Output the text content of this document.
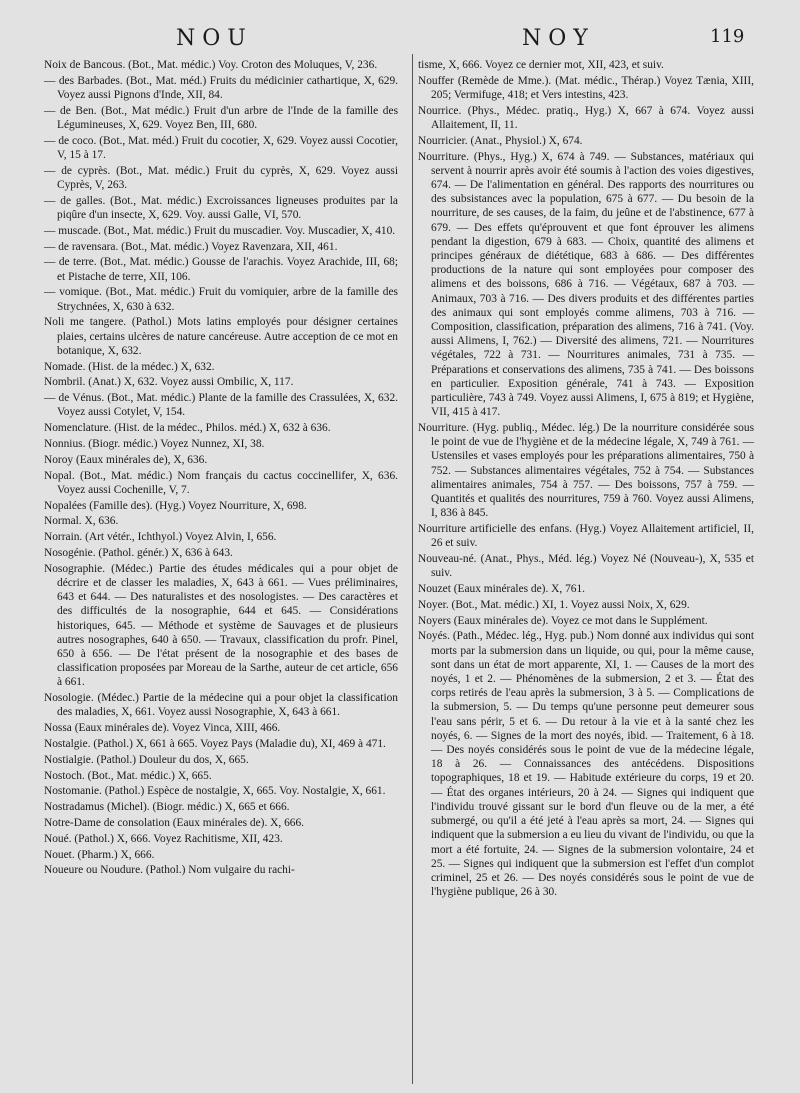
NOU	NOY	119

Noix de Bancous. (Bot., Mat. médic.) Voy. Croton des Moluques, V, 236.

— des Barbades. (Bot., Mat. méd.) Fruits du médicinier cathartique, X, 629. Voyez aussi Pignons d'Inde, XII, 84.

— de Ben. (Bot., Mat médic.) Fruit d'un arbre de l'Inde de la famille des Légumineuses, X, 629. Voyez Ben, III, 680.

— de coco. (Bot., Mat. méd.) Fruit du cocotier, X, 629. Voyez aussi Cocotier, V, 15 à 17.

— de cyprès. (Bot., Mat. médic.) Fruit du cyprès, X, 629. Voyez aussi Cyprès, V, 263.

— de galles. (Bot., Mat. médic.) Excroissances ligneuses produites par la piqûre d'un insecte, X, 629. Voy. aussi Galle, VI, 570.

— muscade. (Bot., Mat. médic.) Fruit du muscadier. Voy. Muscadier, X, 410.

— de ravensara. (Bot., Mat. médic.) Voyez Ravenzara, XII, 461.

— de terre. (Bot., Mat. médic.) Gousse de l'arachis. Voyez Arachide, III, 68; et Pistache de terre, XII, 106.

— vomique. (Bot., Mat. médic.) Fruit du vomiquier, arbre de la famille des Strychnées, X, 630 à 632.

Noli me tangere. (Pathol.) Mots latins employés pour désigner certaines plaies, certains ulcères de nature cancéreuse. Autre acception de ce mot en botanique, X, 632.

Nomade. (Hist. de la médec.) X, 632.

Nombril. (Anat.) X, 632. Voyez aussi Ombilic, X, 117.

— de Vénus. (Bot., Mat. médic.) Plante de la famille des Crassulées, X, 632. Voyez aussi Cotylet, V, 154.

Nomenclature. (Hist. de la médec., Philos. méd.) X, 632 à 636.

Nonnius. (Biogr. médic.) Voyez Nunnez, XI, 38.

Noroy (Eaux minérales de), X, 636.

Nopal. (Bot., Mat. médic.) Nom français du cactus coccinellifer, X, 636. Voyez aussi Cochenille, V, 7.

Nopalées (Famille des). (Hyg.) Voyez Nourriture, X, 698.

Normal. X, 636.

Norrain. (Art vétér., Ichthyol.) Voyez Alvin, I, 656.

Nosogénie. (Pathol. génér.) X, 636 à 643.

Nosographie. (Médec.) Partie des études médicales qui a pour objet de décrire et de classer les maladies, X, 643 à 661. — Vues préliminaires, 643 et 644. — Des naturalistes et des nosologistes. — Des caractères et des difficultés de la nosographie, 644 et 645. — Considérations historiques, 645. — Méthode et système de Sauvages et de plusieurs autres nosographes, 640 à 650. — Travaux, classification du profr. Pinel, 650 à 656. — De l'état présent de la nosographie et des bases de classification proposées par Moreau de la Sarthe, auteur de cet article, 656 à 661.

Nosologie. (Médec.) Partie de la médecine qui a pour objet la classification des maladies, X, 661. Voyez aussi Nosographie, X, 643 à 661.

Nossa (Eaux minérales de). Voyez Vinca, XIII, 466.

Nostalgie. (Pathol.) X, 661 à 665. Voyez Pays (Maladie du), XI, 469 à 471.

Nostialgie. (Pathol.) Douleur du dos, X, 665.

Nostoch. (Bot., Mat. médic.) X, 665.

Nostomanie. (Pathol.) Espèce de nostalgie, X, 665. Voy. Nostalgie, X, 661.

Nostradamus (Michel). (Biogr. médic.) X, 665 et 666.

Notre-Dame de consolation (Eaux minérales de). X, 666.

Noué. (Pathol.) X, 666. Voyez Rachitisme, XII, 423.

Nouet. (Pharm.) X, 666.

Noueure ou Noudure. (Pathol.) Nom vulgaire du rachi-

tisme, X, 666. Voyez ce dernier mot, XII, 423, et suiv.

Nouffer (Remède de Mme.). (Mat. médic., Thérap.) Voyez Tænia, XIII, 205; Vermifuge, 418; et Vers intestins, 423.

Nourrice. (Phys., Médec. pratiq., Hyg.) X, 667 à 674. Voyez aussi Allaitement, II, 11.

Nourricier. (Anat., Physiol.) X, 674.

Nourriture. (Phys., Hyg.) X, 674 à 749. — Substances, matériaux qui servent à nourrir après avoir été soumis à l'action des voies digestives, 674. — De l'alimentation en général. Des rapports des nourritures ou des subsistances avec la population, 675 à 677. — Du besoin de la nourriture, de ses causes, de la faim, du jeûne et de l'abstinence, 677 à 679. — Des effets qu'éprouvent et que font éprouver les alimens pendant la digestion, 679 à 683. — Choix, quantité des alimens et principes généraux de diététique, 683 à 686. — Des différentes productions de la nature qui sont employées pour composer des alimens et des boissons, 686 à 716. — Végétaux, 687 à 703. — Animaux, 703 à 716. — Des divers produits et des différentes parties des animaux qui sont employés comme alimens, 703 à 716. — Composition, classification, préparation des alimens, 716 à 741. (Voy. aussi Alimens, I, 762.) — Diversité des alimens, 721. — Nourritures végétales, 722 à 731. — Nourritures animales, 731 à 735. — Préparations et conservations des alimens, 735 à 741. — Des boissons en particulier. Exposition générale, 741 à 743. — Exposition particulière, 743 à 749. Voyez aussi Alimens, I, 675 à 819; et Hygiène, VII, 415 à 417.

Nourriture. (Hyg. publiq., Médec. lég.) De la nourriture considérée sous le point de vue de l'hygiène et de la médecine légale, X, 749 à 761. — Ustensiles et vases employés pour les préparations alimentaires, 750 à 752. — Substances alimentaires végétales, 752 à 754. — Substances alimentaires animales, 754 à 757. — Des boissons, 757 à 759. — Quantités et qualités des nourritures, 759 à 760. Voyez aussi Alimens, I, 836 à 845.

Nourriture artificielle des enfans. (Hyg.) Voyez Allaitement artificiel, II, 26 et suiv.

Nouveau-né. (Anat., Phys., Méd. lég.) Voyez Né (Nouveau-), X, 535 et suiv.

Nouzet (Eaux minérales de). X, 761.

Noyer. (Bot., Mat. médic.) XI, 1. Voyez aussi Noix, X, 629.

Noyers (Eaux minérales de). Voyez ce mot dans le Supplément.

Noyés. (Path., Médec. lég., Hyg. pub.) Nom donné aux individus qui sont morts par la submersion dans un liquide, ou qui, pour la même cause, sont dans un état de mort apparente, XI, 1. — Causes de la mort des noyés, 1 et 2. — Phénomènes de la submersion, 2 et 3. — État des corps retirés de l'eau après la submersion, 3 à 5. — Complications de la submersion, 5. — Du temps qu'une personne peut demeurer sous l'eau sans périr, 5 et 6. — Du retour à la vie et à la santé chez les noyés, 6. — Signes de la mort des noyés, ibid. — Traitement, 6 à 18. — Des noyés considérés sous le point de vue de la médecine légale, 18 à 26. — Connaissances des antécédens. Dispositions topographiques, 18 et 19. — Habitude extérieure du corps, 19 et 20. — État des organes intérieurs, 20 à 24. — Signes qui indiquent que l'individu trouvé gissant sur le bord d'un fleuve ou de la mer, a été submergé, ou qu'il a été jeté à l'eau après sa mort, 24. — Signes qui indiquent que la submersion a eu lieu du vivant de l'individu, ou que la mort a été fortuite, 24. — Signes de la submersion volontaire, 24 et 25. — Signes qui indiquent que la submersion est l'effet d'un complot criminel, 25 et 26. — Des noyés considérés sous le point de vue de l'hygiène publique, 26 à 30.
